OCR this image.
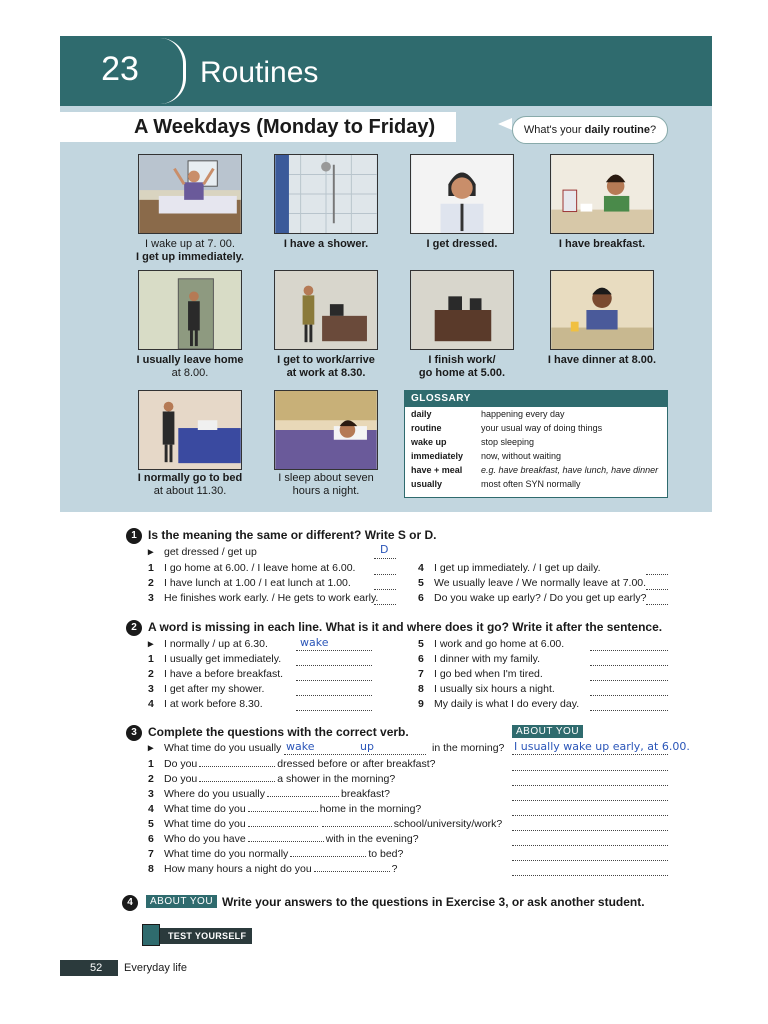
23	Routines
A Weekdays (Monday to Friday)	What's your daily routine?
I wake up at 7. 00.
I get up immediately.
I have a shower.	I get dressed.	I have breakfast.
I usually leave home
at 8.00.
I get to work/arrive
at work at 8.30.
I finish work/
go home at 5.00.
I have dinner at 8.00.
I normally go to bed
at about 11.30.
I sleep about seven
hours a night.
GLOSSARY
daily	happening every day
routine	your usual way of doing things
wake up	stop sleeping
immediately	now, without waiting
have + meal	e.g. have breakfast, have lunch, have dinner
usually	most often SYN normally
1 Is the meaning the same or different? Write S or D.
▸ get dressed / get up	D
1 I go home at 6.00. / I leave home at 6.00.
2 I have lunch at 1.00 / I eat lunch at 1.00.
3 He finishes work early. / He gets to work early.
4 I get up immediately. / I get up daily.
5 We usually leave / We normally leave at 7.00.
6 Do you wake up early? / Do you get up early?
2 A word is missing in each line. What is it and where does it go? Write it after the sentence.
▸ I normally / up at 6.30.	wake
1 I usually get immediately.
2 I have a before breakfast.
3 I get after my shower.
4 I at work before 8.30.
5 I work and go home at 6.00.
6 I dinner with my family.
7 I go bed when I'm tired.
8 I usually six hours a night.
9 My daily is what I do every day.
3 Complete the questions with the correct verb.	ABOUT YOU
▸ What time do you usually wake	up	in the morning? I usually wake up early, at 6.00.
1 Do you	dressed before or after breakfast?
2 Do you	a shower in the morning?
3 Where do you usually	breakfast?
4 What time do you	home in the morning?
5 What time do you	school/university/work?
6 Who do you have	with in the evening?
7 What time do you normally	to bed?
8 How many hours a night do you	?
4	ABOUT YOU Write your answers to the questions in Exercise 3, or ask another student.
TEST YOURSELF
52 Everyday life
